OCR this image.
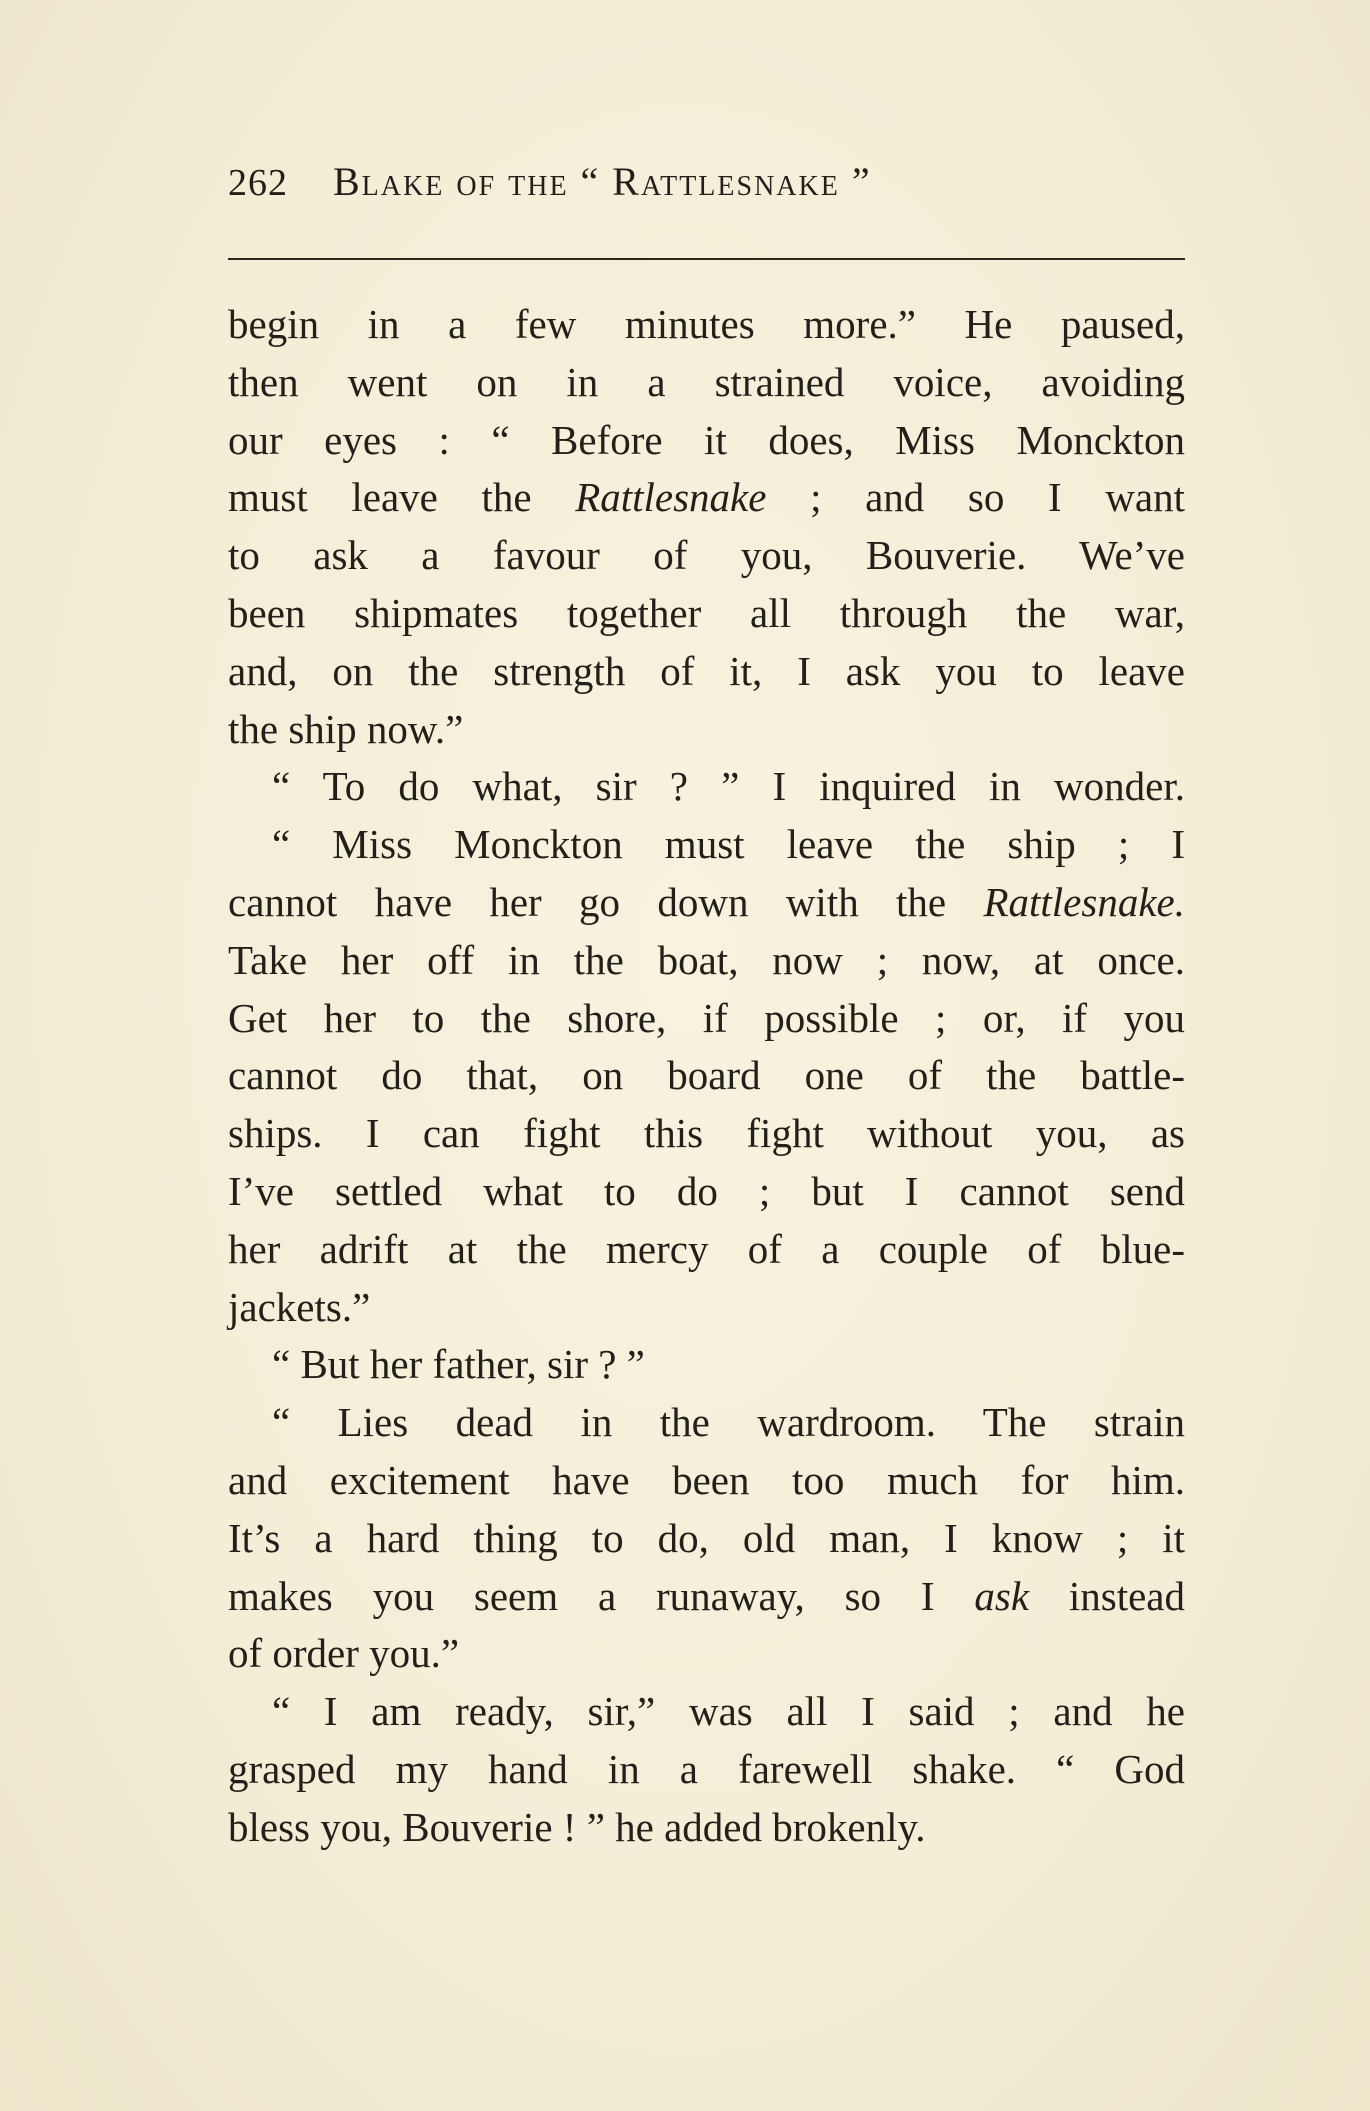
262 Blake of the “ Rattlesnake ”
begin in a few minutes more.” He paused,
then went on in a strained voice, avoiding
our eyes : “ Before it does, Miss Monckton
must leave the Rattlesnake ; and so I want
to ask a favour of you, Bouverie. We’ve
been shipmates together all through the war,
and, on the strength of it, I ask you to leave
the ship now.”
“ To do what, sir ? ” I inquired in wonder.
“ Miss Monckton must leave the ship ; I
cannot have her go down with the Rattlesnake.
Take her off in the boat, now ; now, at once.
Get her to the shore, if possible ; or, if you
cannot do that, on board one of the battle-
ships. I can fight this fight without you, as
I’ve settled what to do ; but I cannot send
her adrift at the mercy of a couple of blue-
jackets.”
“ But her father, sir ? ”
“ Lies dead in the wardroom. The strain
and excitement have been too much for him.
It’s a hard thing to do, old man, I know ; it
makes you seem a runaway, so I ask instead
of order you.”
“ I am ready, sir,” was all I said ; and he
grasped my hand in a farewell shake. “ God
bless you, Bouverie ! ” he added brokenly.
